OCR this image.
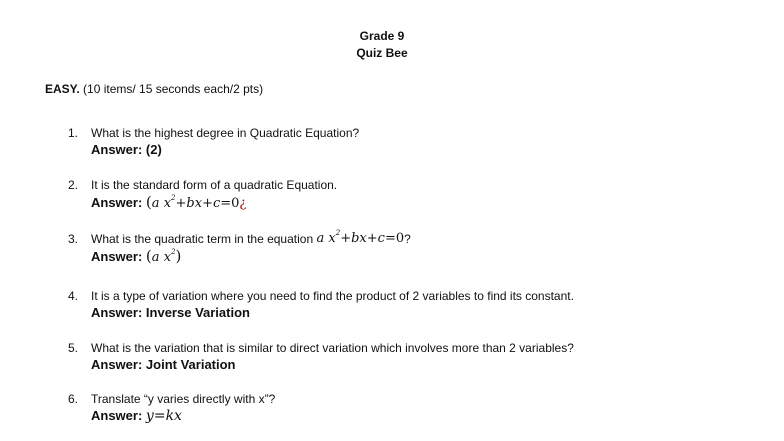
Grade 9
Quiz Bee
EASY. (10 items/ 15 seconds each/2 pts)
1.	What is the highest degree in Quadratic Equation?
Answer: (2)
2.	It is the standard form of a quadratic Equation.
Answer: (a $x^2+bx+c=0¿$
3.	What is the quadratic term in the equation a $x^2+bx+c=0$ ?
Answer: (a $x^2$)
4.	It is a type of variation where you need to find the product of 2 variables to find its constant.
Answer: Inverse Variation
5.	What is the variation that is similar to direct variation which involves more than 2 variables?
Answer: Joint Variation
6.	Translate “y varies directly with x”?
Answer: y=kx
